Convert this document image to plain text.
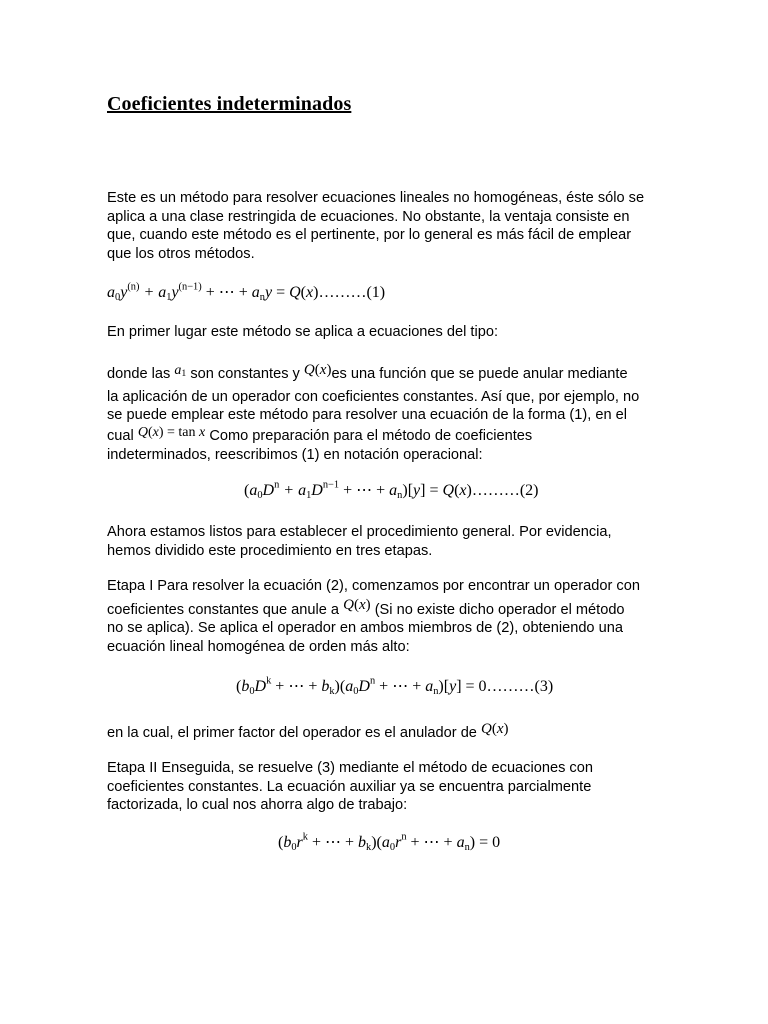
Coeficientes indeterminados
Este es un método para resolver ecuaciones lineales no homogéneas, éste sólo se
aplica a una clase restringida de ecuaciones. No obstante, la ventaja consiste en
que, cuando este método es el pertinente, por lo general es más fácil de emplear
que los otros métodos.
$a_0y^{(n)} + a_1y^{(n-1)}$ + ⋯ + $a_ny$ = Q(x)………(1)
En primer lugar este método se aplica a ecuaciones del tipo:
donde las $a_1$ son constantes y Q(x)es una función que se puede anular mediante
la aplicación de un operador con coeficientes constantes. Así que, por ejemplo, no
se puede emplear este método para resolver una ecuación de la forma (1), en el
cual Q(x) = tan x Como preparación para el método de coeficientes
indeterminados, reescribimos (1) en notación operacional:
($a_0D^n + a_1D^{n-1}$ + ⋯ + $a_n)[y]$ = Q(x)………(2)
Ahora estamos listos para establecer el procedimiento general. Por evidencia,
hemos dividido este procedimiento en tres etapas.
Etapa I Para resolver la ecuación (2), comenzamos por encontrar un operador con
coeficientes constantes que anule a Q(x) (Si no existe dicho operador el método
no se aplica). Se aplica el operador en ambos miembros de (2), obteniendo una
ecuación lineal homogénea de orden más alto:
($b_0D^k$ + ⋯ + $b_k)(a_0D^n$ + ⋯ + $a_n)[y]$ = 0………(3)
en la cual, el primer factor del operador es el anulador de Q(x)
Etapa II Enseguida, se resuelve (3) mediante el método de ecuaciones con
coeficientes constantes. La ecuación auxiliar ya se encuentra parcialmente
factorizada, lo cual nos ahorra algo de trabajo:
($b_0r^k$ + ⋯ + $b_k)(a_0r^n$ + ⋯ + $a_n) = 0$
